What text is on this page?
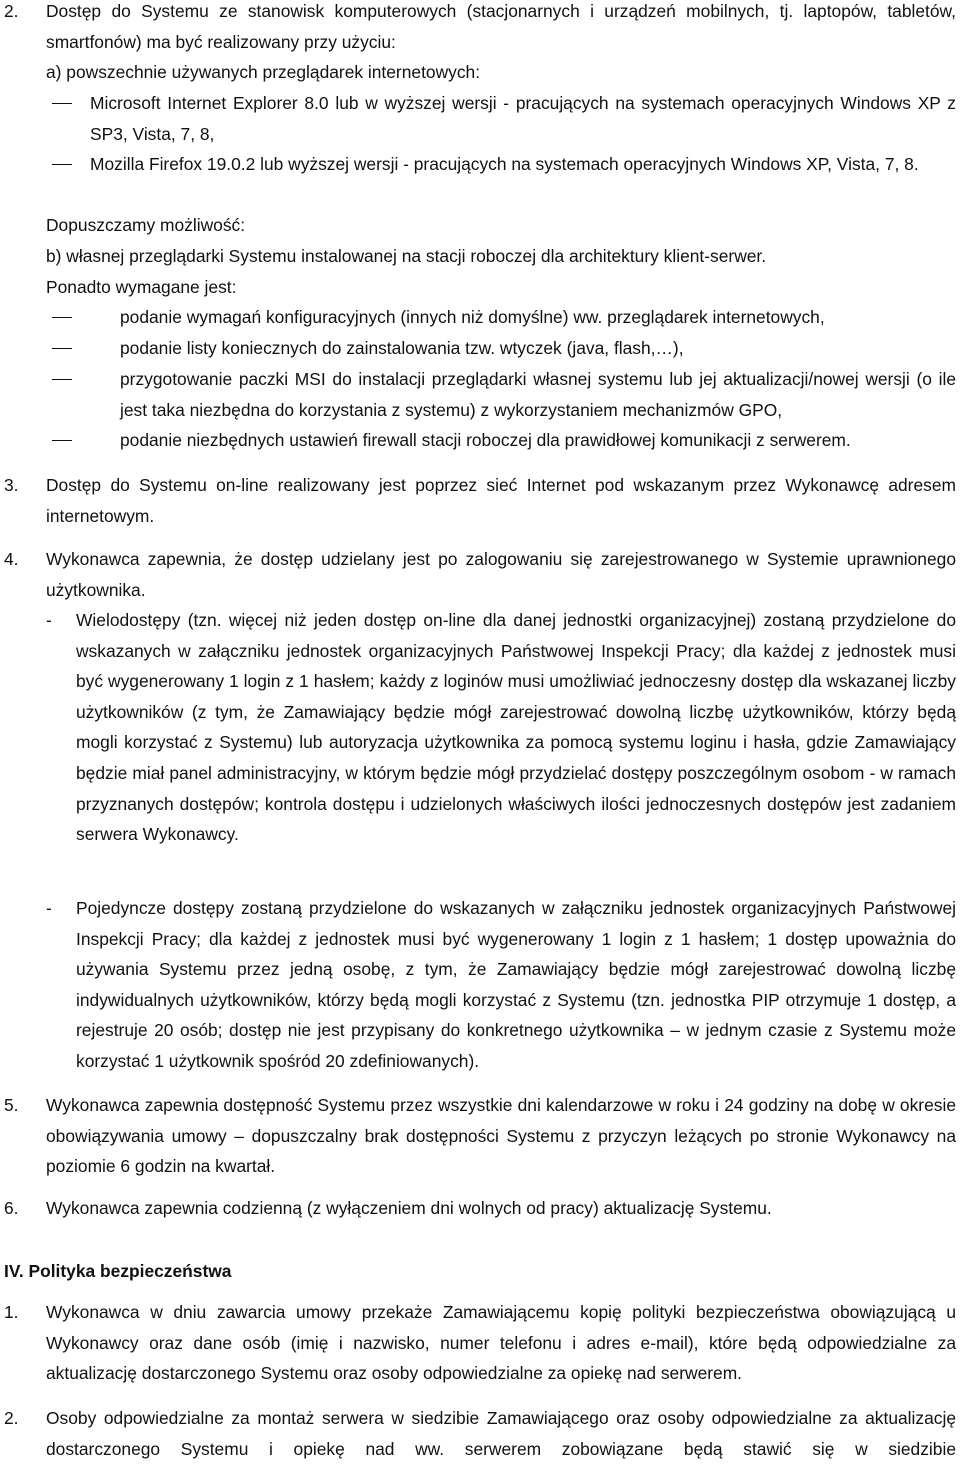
2. Dostęp do Systemu ze stanowisk komputerowych (stacjonarnych i urządzeń mobilnych, tj. laptopów, tabletów, smartfonów) ma być realizowany przy użyciu:

a) powszechnie używanych przeglądarek internetowych:

Microsoft Internet Explorer 8.0 lub w wyższej wersji - pracujących na systemach operacyjnych Windows XP z SP3, Vista, 7, 8,

Mozilla Firefox 19.0.2 lub wyższej wersji - pracujących na systemach operacyjnych Windows XP, Vista, 7, 8.

Dopuszczamy możliwość:

b) własnej przeglądarki Systemu instalowanej na stacji roboczej dla architektury klient-serwer.

Ponadto wymagane jest:

podanie wymagań konfiguracyjnych (innych niż domyślne) ww. przeglądarek internetowych,

podanie listy koniecznych do zainstalowania tzw. wtyczek (java, flash,…),

przygotowanie paczki MSI do instalacji przeglądarki własnej systemu lub jej aktualizacji/nowej wersji (o ile jest taka niezbędna do korzystania z systemu) z wykorzystaniem mechanizmów GPO,

podanie niezbędnych ustawień firewall stacji roboczej dla prawidłowej komunikacji z serwerem.

3. Dostęp do Systemu on-line realizowany jest poprzez sieć Internet pod wskazanym przez Wykonawcę adresem internetowym.

4. Wykonawca zapewnia, że dostęp udzielany jest po zalogowaniu się zarejestrowanego w Systemie uprawnionego użytkownika.

- Wielodostępy (tzn. więcej niż jeden dostęp on-line dla danej jednostki organizacyjnej) zostaną przydzielone do wskazanych w załączniku jednostek organizacyjnych Państwowej Inspekcji Pracy; dla każdej z jednostek musi być wygenerowany 1 login z 1 hasłem; każdy z loginów musi umożliwiać jednoczesny dostęp dla wskazanej liczby użytkowników (z tym, że Zamawiający będzie mógł zarejestrować dowolną liczbę użytkowników, którzy będą mogli korzystać z Systemu) lub autoryzacja użytkownika za pomocą systemu loginu i hasła, gdzie Zamawiający będzie miał panel administracyjny, w którym będzie mógł przydzielać dostępy poszczególnym osobom - w ramach przyznanych dostępów; kontrola dostępu i udzielonych właściwych ilości jednoczesnych dostępów jest zadaniem serwera Wykonawcy.

- Pojedyncze dostępy zostaną przydzielone do wskazanych w załączniku jednostek organizacyjnych Państwowej Inspekcji Pracy; dla każdej z jednostek musi być wygenerowany 1 login z 1 hasłem; 1 dostęp upoważnia do używania Systemu przez jedną osobę, z tym, że Zamawiający będzie mógł zarejestrować dowolną liczbę indywidualnych użytkowników, którzy będą mogli korzystać z Systemu (tzn. jednostka PIP otrzymuje 1 dostęp, a rejestruje 20 osób; dostęp nie jest przypisany do konkretnego użytkownika – w jednym czasie z Systemu może korzystać 1 użytkownik spośród 20 zdefiniowanych).

5. Wykonawca zapewnia dostępność Systemu przez wszystkie dni kalendarzowe w roku i 24 godziny na dobę w okresie obowiązywania umowy – dopuszczalny brak dostępności Systemu z przyczyn leżących po stronie Wykonawcy na poziomie 6 godzin na kwartał.

6. Wykonawca zapewnia codzienną (z wyłączeniem dni wolnych od pracy) aktualizację Systemu.

IV. Polityka bezpieczeństwa

1. Wykonawca w dniu zawarcia umowy przekaże Zamawiającemu kopię polityki bezpieczeństwa obowiązującą u Wykonawcy oraz dane osób (imię i nazwisko, numer telefonu i adres e-mail), które będą odpowiedzialne za aktualizację dostarczonego Systemu oraz osoby odpowiedzialne za opiekę nad serwerem.

2. Osoby odpowiedzialne za montaż serwera w siedzibie Zamawiającego oraz osoby odpowiedzialne za aktualizację dostarczonego Systemu i opiekę nad ww. serwerem zobowiązane będą stawić się w siedzibie
